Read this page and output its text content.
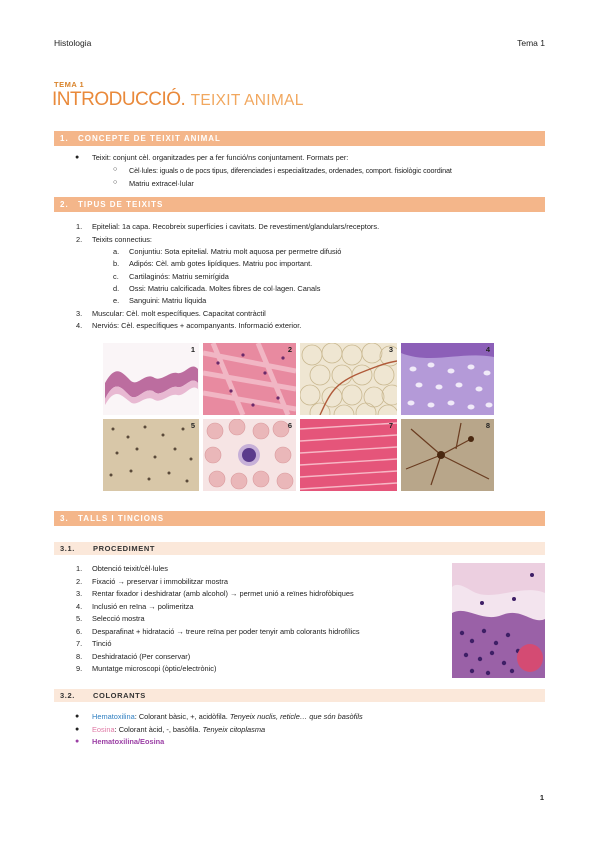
Histologia	Tema 1
TEMA 1
INTRODUCCIÓ. TEIXIT ANIMAL
1. CONCEPTE DE TEIXIT ANIMAL
● Teixit: conjunt cèl. organitzades per a fer funció/ns conjuntament. Formats per:
○ Cèl·lules: iguals o de pocs tipus, diferenciades i especialitzades, ordenades, comport. fisiològic coordinat
○ Matriu extracel·lular
2. TIPUS DE TEIXITS
1. Epitelial: 1a capa. Recobreix superfícies i cavitats. De revestiment/glandulars/receptors.
2. Teixits connectius:
a. Conjuntiu: Sota epitelial. Matriu molt aquosa per permetre difusió
b. Adipós: Cèl. amb gotes lipídiques. Matriu poc important.
c. Cartilaginós: Matriu semirígida
d. Ossi: Matriu calcificada. Moltes fibres de col·lagen. Canals
e. Sanguini: Matriu líquida
3. Muscular: Cèl. molt específiques. Capacitat contràctil
4. Nerviós: Cèl. específiques + acompanyants. Informació exterior.
1	2	3	4
5	6	7	8
3. TALLS I TINCIONS
3.1. PROCEDIMENT
1. Obtenció teixit/cèl·lules
2. Fixació → preservar i immobilitzar mostra
3. Rentar fixador i deshidratar (amb alcohol) → permet unió a reïnes hidrofòbiques
4. Inclusió en reïna → polimeritza
5. Selecció mostra
6. Desparafinat + hidratació → treure reïna per poder tenyir amb colorants hidrofílics
7. Tinció
8. Deshidratació (Per conservar)
9. Muntatge microscopi (òptic/electrònic)
3.2. COLORANTS
● Hematoxilina: Colorant bàsic, +, acidòfila. Tenyeix nuclis, reticle… que són basòfils
● Eosina: Colorant àcid, -, basòfila. Tenyeix citoplasma
● Hematoxilina/Eosina
1
